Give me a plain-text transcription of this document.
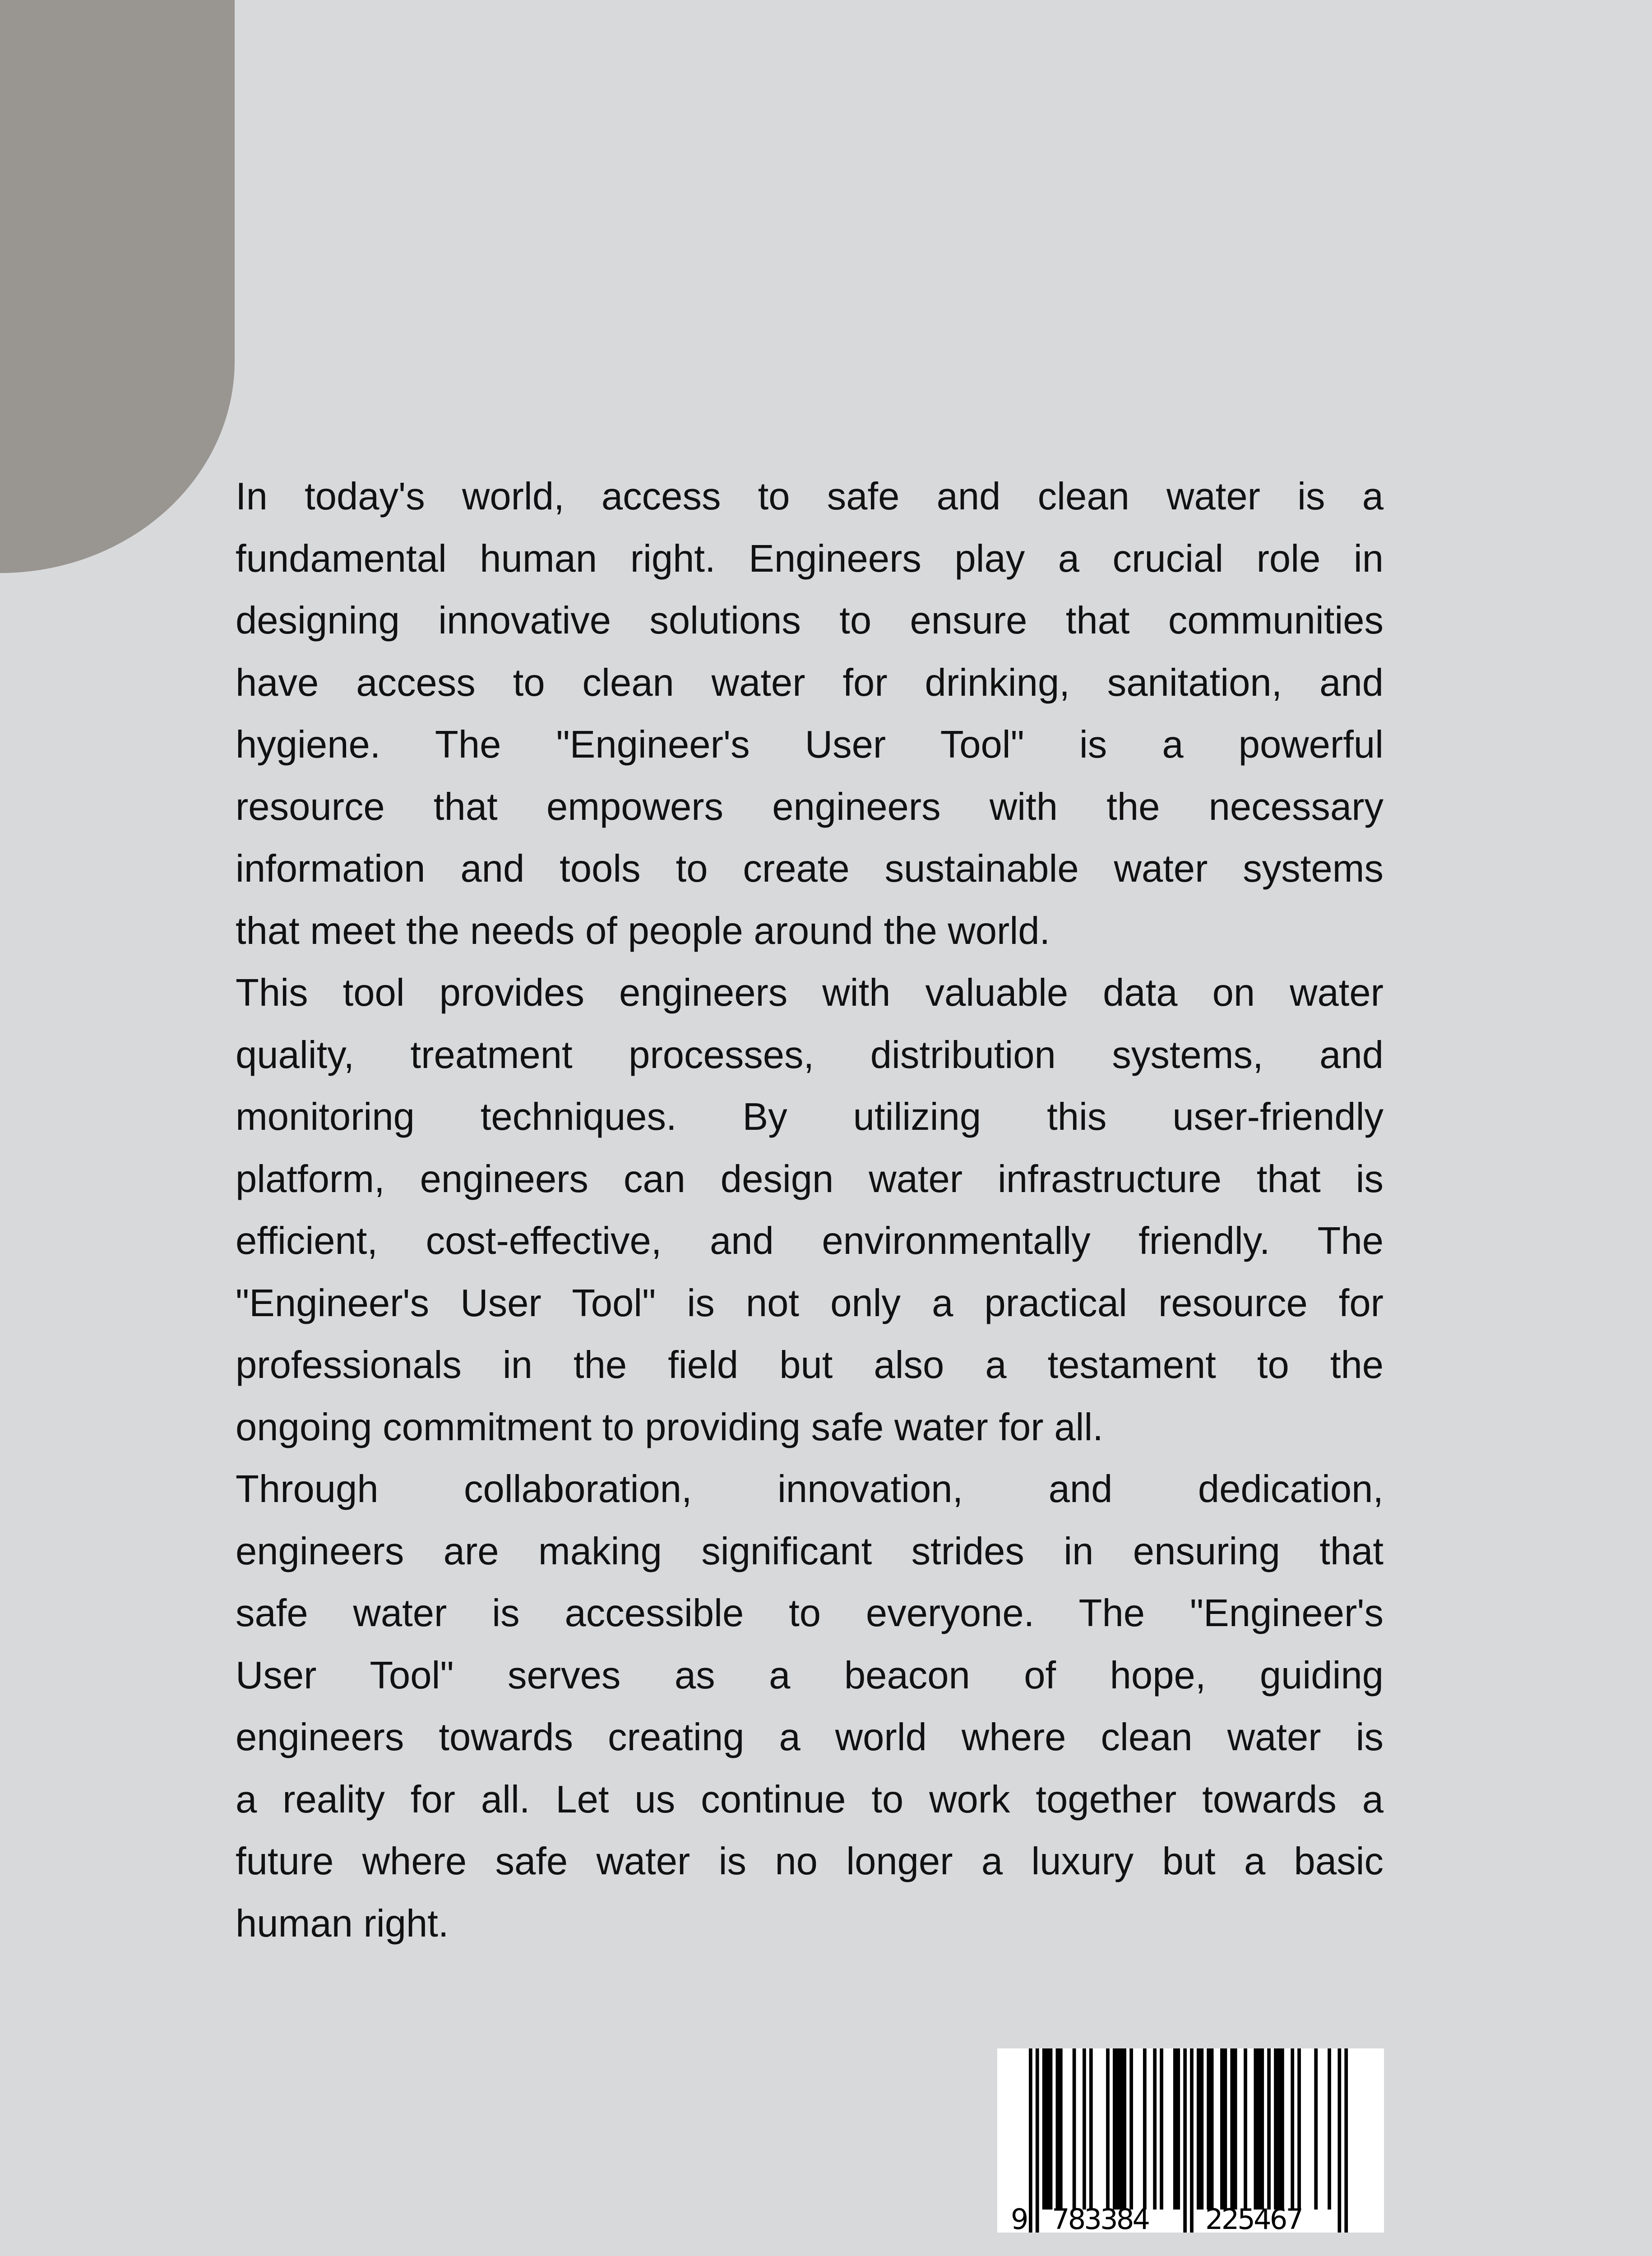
In today's world, access to safe and clean water is a
fundamental human right. Engineers play a crucial role in
designing innovative solutions to ensure that communities
have access to clean water for drinking, sanitation, and
hygiene. The "Engineer's User Tool" is a powerful
resource that empowers engineers with the necessary
information and tools to create sustainable water systems
that meet the needs of people around the world.
This tool provides engineers with valuable data on water
quality, treatment processes, distribution systems, and
monitoring techniques. By utilizing this user-friendly
platform, engineers can design water infrastructure that is
efficient, cost-effective, and environmentally friendly. The
"Engineer's User Tool" is not only a practical resource for
professionals in the field but also a testament to the
ongoing commitment to providing safe water for all.
Through collaboration, innovation, and dedication,
engineers are making significant strides in ensuring that
safe water is accessible to everyone. The "Engineer's
User Tool" serves as a beacon of hope, guiding
engineers towards creating a world where clean water is
a reality for all. Let us continue to work together towards a
future where safe water is no longer a luxury but a basic
human right.
9 783384 225467
